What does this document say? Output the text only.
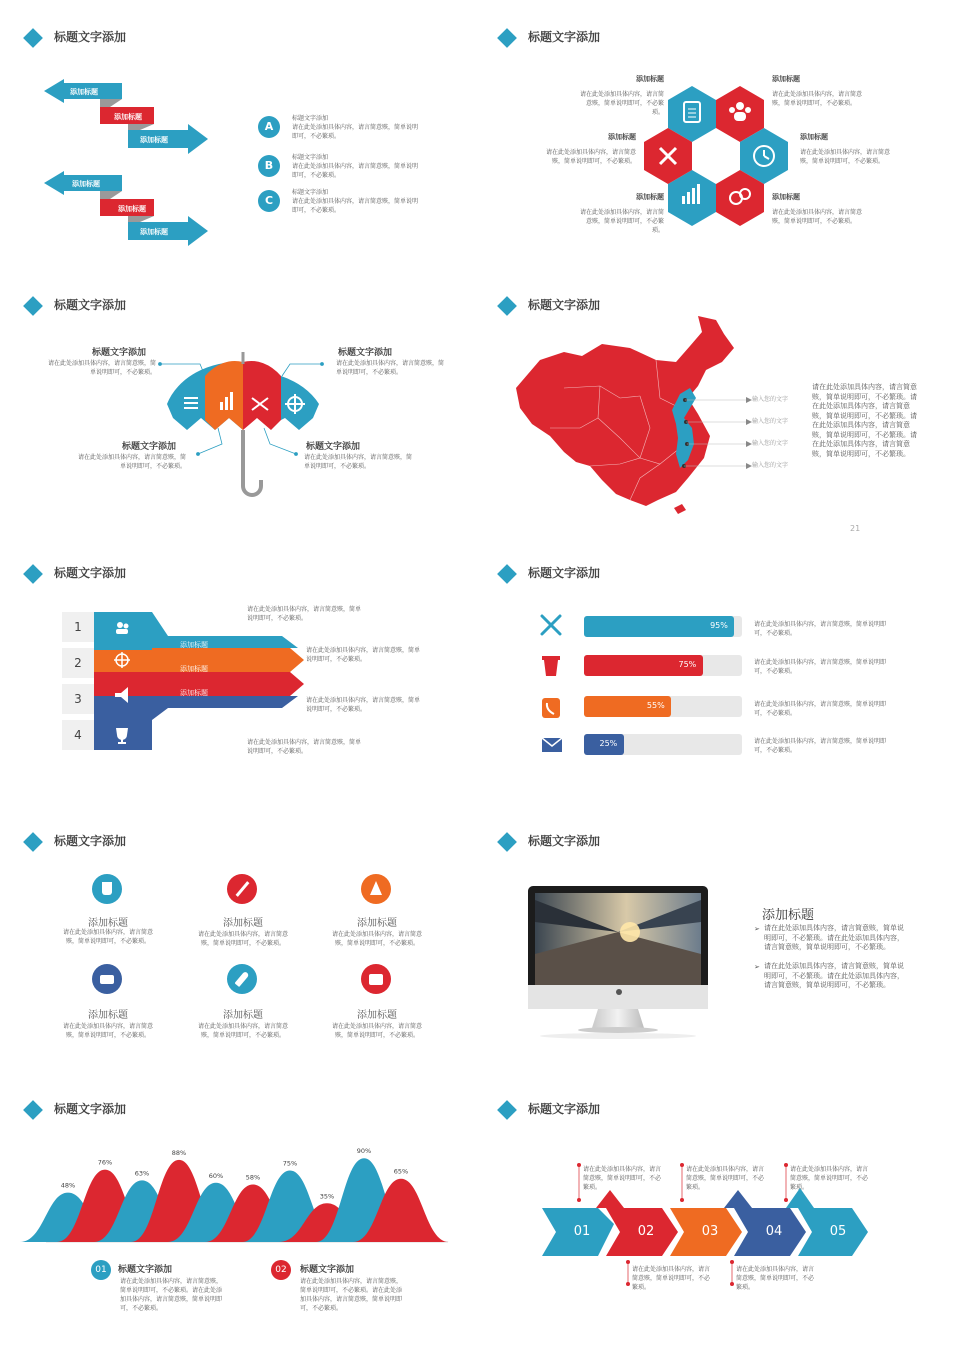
标题文字添加
添加标题
添加标题
添加标题
添加标题
添加标题
添加标题
A
标题文字添加
请在此处添加具体内容，请言简意赅，简单说明即可，不必繁琐。
B
标题文字添加
请在此处添加具体内容，请言简意赅，简单说明即可，不必繁琐。
C
标题文字添加
请在此处添加具体内容，请言简意赅，简单说明即可，不必繁琐。
标题文字添加
添加标题
请在此处添加具体内容，请言简意赅，简单说明即可，不必繁琐。
添加标题
请在此处添加具体内容，请言简意赅，简单说明即可，不必繁琐。
添加标题
请在此处添加具体内容，请言简意赅，简单说明即可，不必繁琐。
添加标题
请在此处添加具体内容，请言简意赅，简单说明即可，不必繁琐。
添加标题
请在此处添加具体内容，请言简意赅，简单说明即可，不必繁琐。
添加标题
请在此处添加具体内容，请言简意赅，简单说明即可，不必繁琐。
标题文字添加
标题文字添加
请在此处添加具体内容，请言简意赅，简单说明即可，不必繁琐。
标题文字添加
请在此处添加具体内容，请言简意赅，简单说明即可，不必繁琐。
标题文字添加
请在此处添加具体内容，请言简意赅，简单说明即可，不必繁琐。
标题文字添加
请在此处添加具体内容，请言简意赅，简单说明即可，不必繁琐。
标题文字添加
输入您的文字
输入您的文字
输入您的文字
输入您的文字
请在此处添加具体内容，请言简意赅，简单说明即可，不必繁琐。请在此处添加具体内容，请言简意赅，简单说明即可，不必繁琐。请在此处添加具体内容，请言简意赅，简单说明即可，不必繁琐。请在此处添加具体内容，请言简意赅，简单说明即可，不必繁琐。
21
标题文字添加
1
2
3
4
添加标题
添加标题
添加标题
添加标题
请在此处添加具体内容，请言简意赅，简单说明即可，不必繁琐。
请在此处添加具体内容，请言简意赅，简单说明即可，不必繁琐。
请在此处添加具体内容，请言简意赅，简单说明即可，不必繁琐。
请在此处添加具体内容，请言简意赅，简单说明即可，不必繁琐。
标题文字添加
95%
75%
55%
25%
请在此处添加具体内容，请言简意赅，简单说明即可，不必繁琐。
请在此处添加具体内容，请言简意赅，简单说明即可，不必繁琐。
请在此处添加具体内容，请言简意赅，简单说明即可，不必繁琐。
请在此处添加具体内容，请言简意赅，简单说明即可，不必繁琐。
标题文字添加
添加标题
请在此处添加具体内容，请言简意赅，简单说明即可，不必繁琐。
添加标题
请在此处添加具体内容，请言简意赅，简单说明即可，不必繁琐。
添加标题
请在此处添加具体内容，请言简意赅，简单说明即可，不必繁琐。
添加标题
请在此处添加具体内容，请言简意赅，简单说明即可，不必繁琐。
添加标题
请在此处添加具体内容，请言简意赅，简单说明即可，不必繁琐。
添加标题
请在此处添加具体内容，请言简意赅，简单说明即可，不必繁琐。
标题文字添加
添加标题
➢ 请在此处添加具体内容，请言简意赅，简单说明即可，不必繁琐。请在此处添加具体内容，请言简意赅，简单说明即可，不必繁琐。
➢ 请在此处添加具体内容，请言简意赅，简单说明即可，不必繁琐。请在此处添加具体内容，请言简意赅，简单说明即可，不必繁琐。
标题文字添加
48%
76%
63%
88%
60%	58%
75%
35%
90%
65%
01	标题文字添加
请在此处添加具体内容，请言简意赅，简单说明即可，不必繁琐。请在此处添加具体内容，请言简意赅，简单说明即可，不必繁琐。
02	标题文字添加
请在此处添加具体内容，请言简意赅，简单说明即可，不必繁琐。请在此处添加具体内容，请言简意赅，简单说明即可，不必繁琐。
标题文字添加
01	02	03	04	05
请在此处添加具体内容，请言简意赅，简单说明即可，不必繁琐。
请在此处添加具体内容，请言简意赅，简单说明即可，不必繁琐。
请在此处添加具体内容，请言简意赅，简单说明即可，不必繁琐。
请在此处添加具体内容，请言简意赅，简单说明即可，不必繁琐。
请在此处添加具体内容，请言简意赅，简单说明即可，不必繁琐。
